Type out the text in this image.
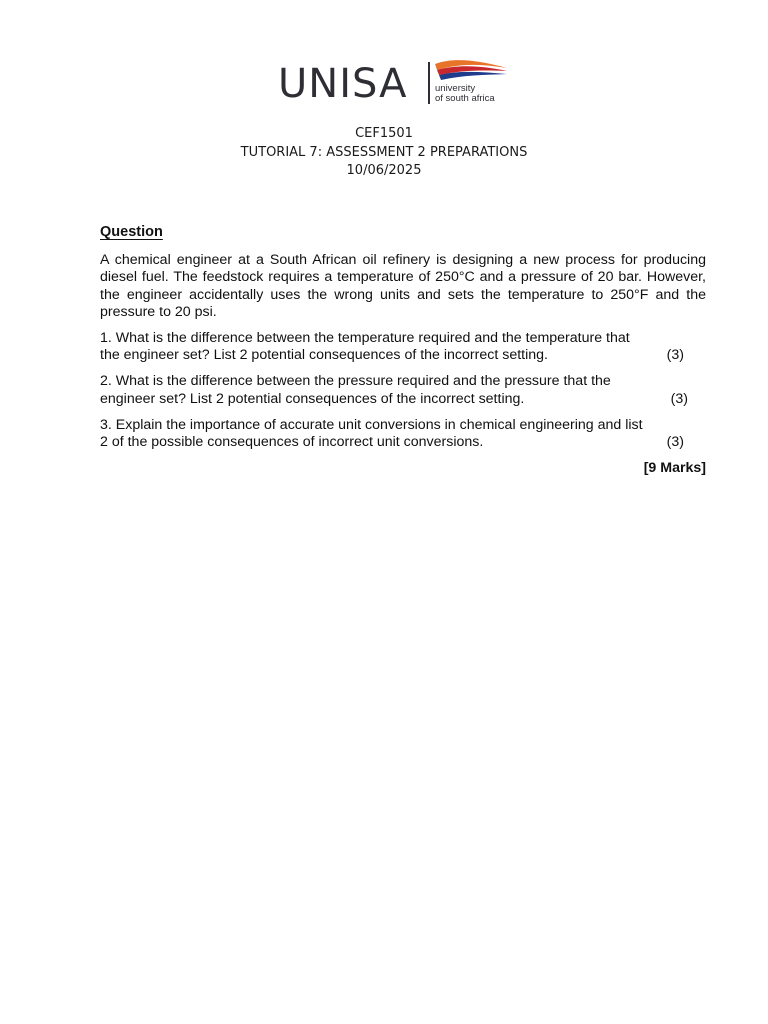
UNISA	university
of south africa
CEF1501
TUTORIAL 7: ASSESSMENT 2 PREPARATIONS
10/06/2025
Question

A chemical engineer at a South African oil refinery is designing a new process for producing diesel fuel. The feedstock requires a temperature of 250°C and a pressure of 20 bar. However, the engineer accidentally uses the wrong units and sets the temperature to 250°F and the pressure to 20 psi.

1. What is the difference between the temperature required and the temperature that
the engineer set? List 2 potential consequences of the incorrect setting.	(3)
2. What is the difference between the pressure required and the pressure that the
engineer set? List 2 potential consequences of the incorrect setting.	(3)
3. Explain the importance of accurate unit conversions in chemical engineering and list
2 of the possible consequences of incorrect unit conversions.	(3)
[9 Marks]
